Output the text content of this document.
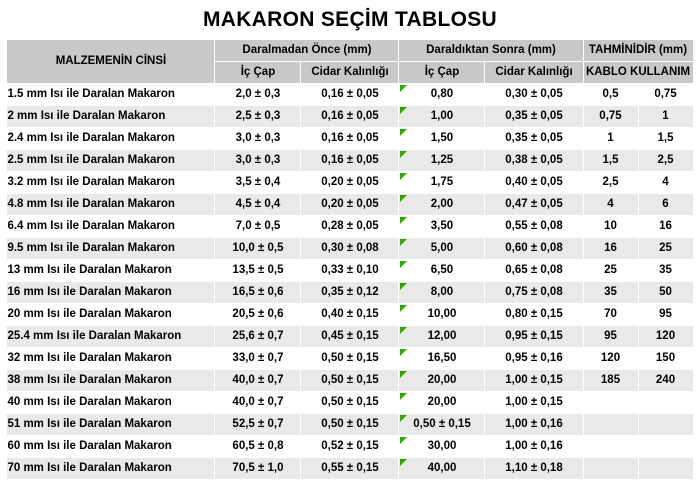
MAKARON SEÇİM TABLOSU
MALZEMENİN CİNSİ	Daralmadan Önce (mm)		Daraldıktan Sonra (mm)		TAHMİNİDİR (mm)	
	İç Çap	Cidar Kalınlığı	İç Çap	Cidar Kalınlığı	KABLO KULLANIM	
1.5 mm Isı ile Daralan Makaron	2,0 ± 0,3	0,16 ± 0,05	0,80	0,30 ± 0,05	0,5	0,75
2 mm Isı ile Daralan Makaron	2,5 ± 0,3	0,16 ± 0,05	1,00	0,35 ± 0,05	0,75	1
2.4 mm Isı ile Daralan Makaron	3,0 ± 0,3	0,16 ± 0,05	1,50	0,35 ± 0,05	1	1,5
2.5 mm Isı ile Daralan Makaron	3,0 ± 0,3	0,16 ± 0,05	1,25	0,38 ± 0,05	1,5	2,5
3.2 mm Isı ile Daralan Makaron	3,5 ± 0,4	0,20 ± 0,05	1,75	0,40 ± 0,05	2,5	4
4.8 mm Isı ile Daralan Makaron	4,5 ± 0,4	0,20 ± 0,05	2,00	0,47 ± 0,05	4	6
6.4 mm Isı ile Daralan Makaron	7,0 ± 0,5	0,28 ± 0,05	3,50	0,55 ± 0,08	10	16
9.5 mm Isı ile Daralan Makaron	10,0 ± 0,5	0,30 ± 0,08	5,00	0,60 ± 0,08	16	25
13 mm Isı ile Daralan Makaron	13,5 ± 0,5	0,33 ± 0,10	6,50	0,65 ± 0,08	25	35
16 mm Isı ile Daralan Makaron	16,5 ± 0,6	0,35 ± 0,12	8,00	0,75 ± 0,08	35	50
20 mm Isı ile Daralan Makaron	20,5 ± 0,6	0,40 ± 0,15	10,00	0,80 ± 0,15	70	95
25.4 mm Isı ile Daralan Makaron	25,6 ± 0,7	0,45 ± 0,15	12,00	0,95 ± 0,15	95	120
32 mm Isı ile Daralan Makaron	33,0 ± 0,7	0,50 ± 0,15	16,50	0,95 ± 0,16	120	150
38 mm Isı ile Daralan Makaron	40,0 ± 0,7	0,50 ± 0,15	20,00	1,00 ± 0,15	185	240
40 mm Isı ile Daralan Makaron	40,0 ± 0,7	0,50 ± 0,15	20,00	1,00 ± 0,15		
51 mm Isı ile Daralan Makaron	52,5 ± 0,7	0,50 ± 0,15	0,50 ± 0,15	1,00 ± 0,16		
60 mm Isı ile Daralan Makaron	60,5 ± 0,8	0,52 ± 0,15	30,00	1,00 ± 0,16		
70 mm Isı ile Daralan Makaron	70,5 ± 1,0	0,55 ± 0,15	40,00	1,10 ± 0,18		
